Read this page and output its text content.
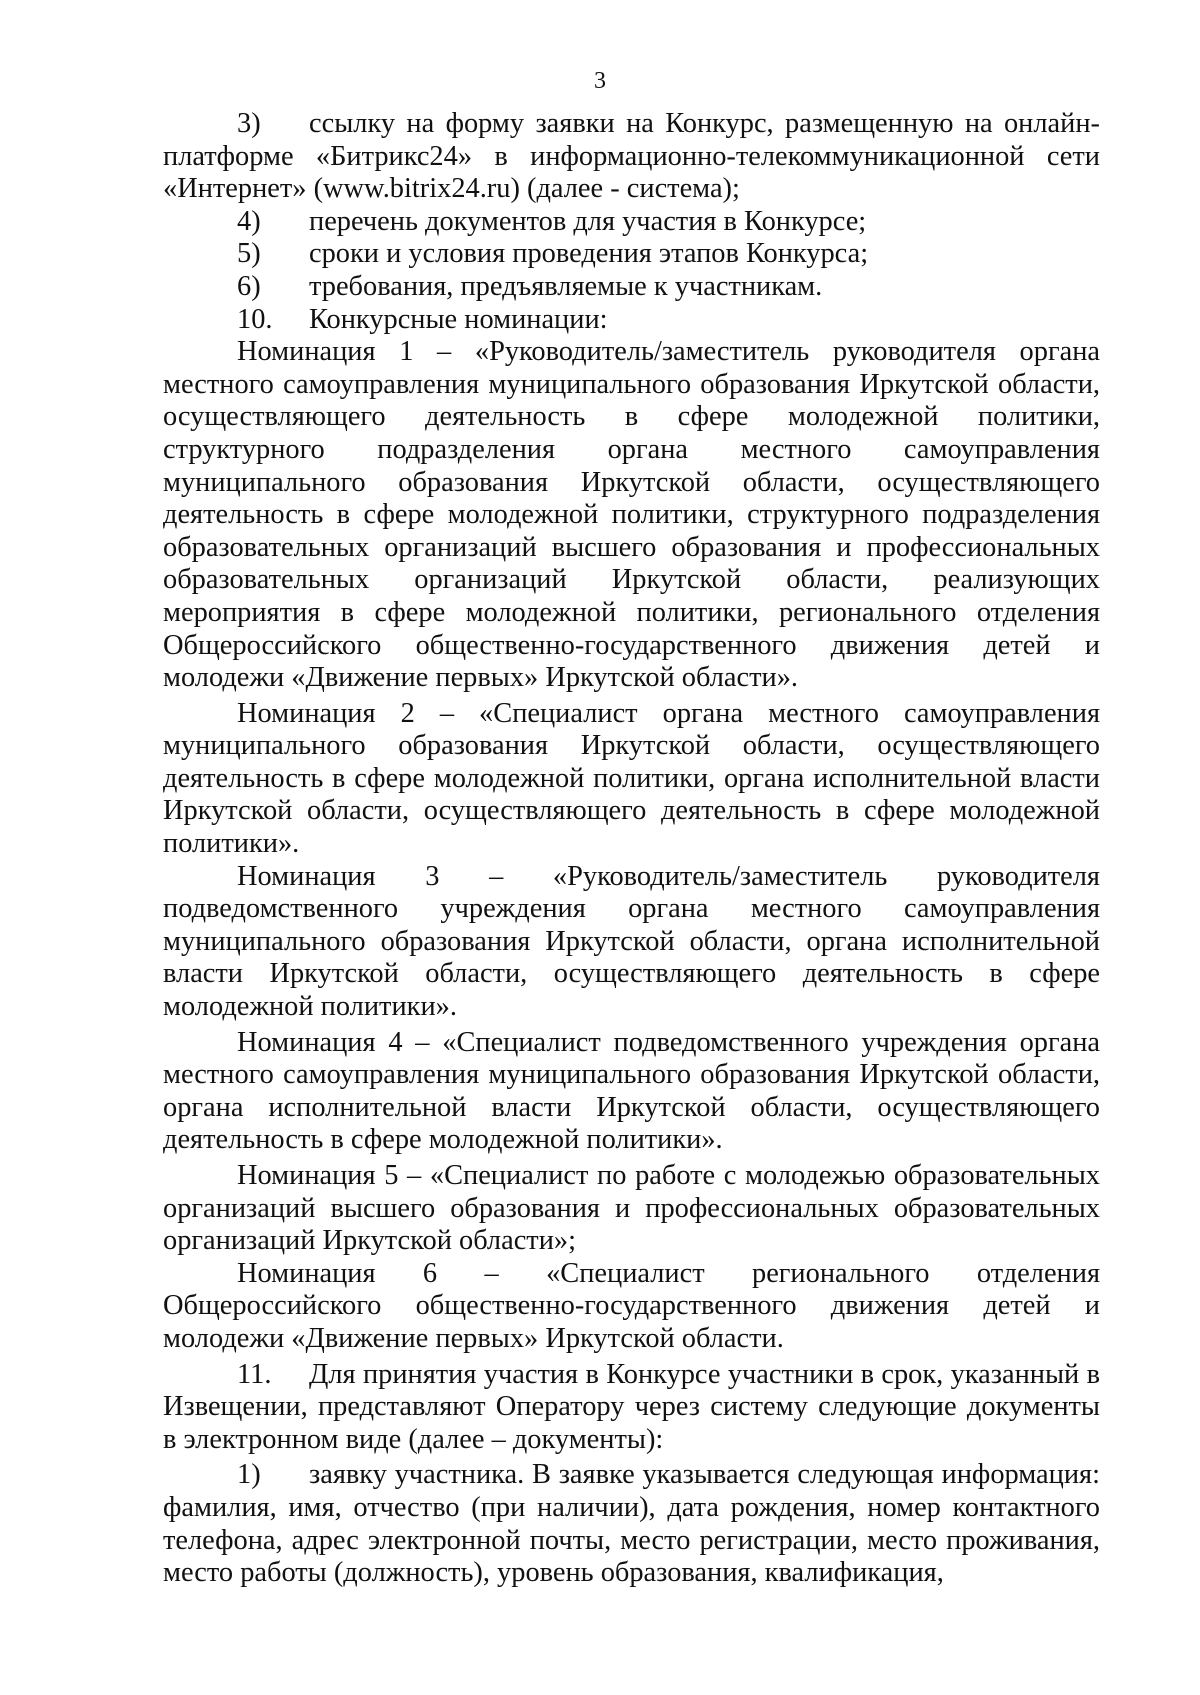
3

3) ссылку на форму заявки на Конкурс, размещенную на онлайн-платформе «Битрикс24» в информационно-телекоммуникационной сети «Интернет» (www.bitrix24.ru) (далее - система);

4) перечень документов для участия в Конкурсе;

5) сроки и условия проведения этапов Конкурса;

6) требования, предъявляемые к участникам.

10. Конкурсные номинации:

Номинация 1 – «Руководитель/заместитель руководителя органа местного самоуправления муниципального образования Иркутской области, осуществляющего деятельность в сфере молодежной политики, структурного подразделения органа местного самоуправления муниципального образования Иркутской области, осуществляющего деятельность в сфере молодежной политики, структурного подразделения образовательных организаций высшего образования и профессиональных образовательных организаций Иркутской области, реализующих мероприятия в сфере молодежной политики, регионального отделения Общероссийского общественно-государственного движения детей и молодежи «Движение первых» Иркутской области».

Номинация 2 – «Специалист органа местного самоуправления муниципального образования Иркутской области, осуществляющего деятельность в сфере молодежной политики, органа исполнительной власти Иркутской области, осуществляющего деятельность в сфере молодежной политики».

Номинация 3 – «Руководитель/заместитель руководителя подведомственного учреждения органа местного самоуправления муниципального образования Иркутской области, органа исполнительной власти Иркутской области, осуществляющего деятельность в сфере молодежной политики».

Номинация 4 – «Специалист подведомственного учреждения органа местного самоуправления муниципального образования Иркутской области, органа исполнительной власти Иркутской области, осуществляющего деятельность в сфере молодежной политики».

Номинация 5 – «Специалист по работе с молодежью образовательных организаций высшего образования и профессиональных образовательных организаций Иркутской области»;

Номинация 6 – «Специалист регионального отделения Общероссийского общественно-государственного движения детей и молодежи «Движение первых» Иркутской области.

11. Для принятия участия в Конкурсе участники в срок, указанный в Извещении, представляют Оператору через систему следующие документы в электронном виде (далее – документы):

1) заявку участника. В заявке указывается следующая информация: фамилия, имя, отчество (при наличии), дата рождения, номер контактного телефона, адрес электронной почты, место регистрации, место проживания, место работы (должность), уровень образования, квалификация,
